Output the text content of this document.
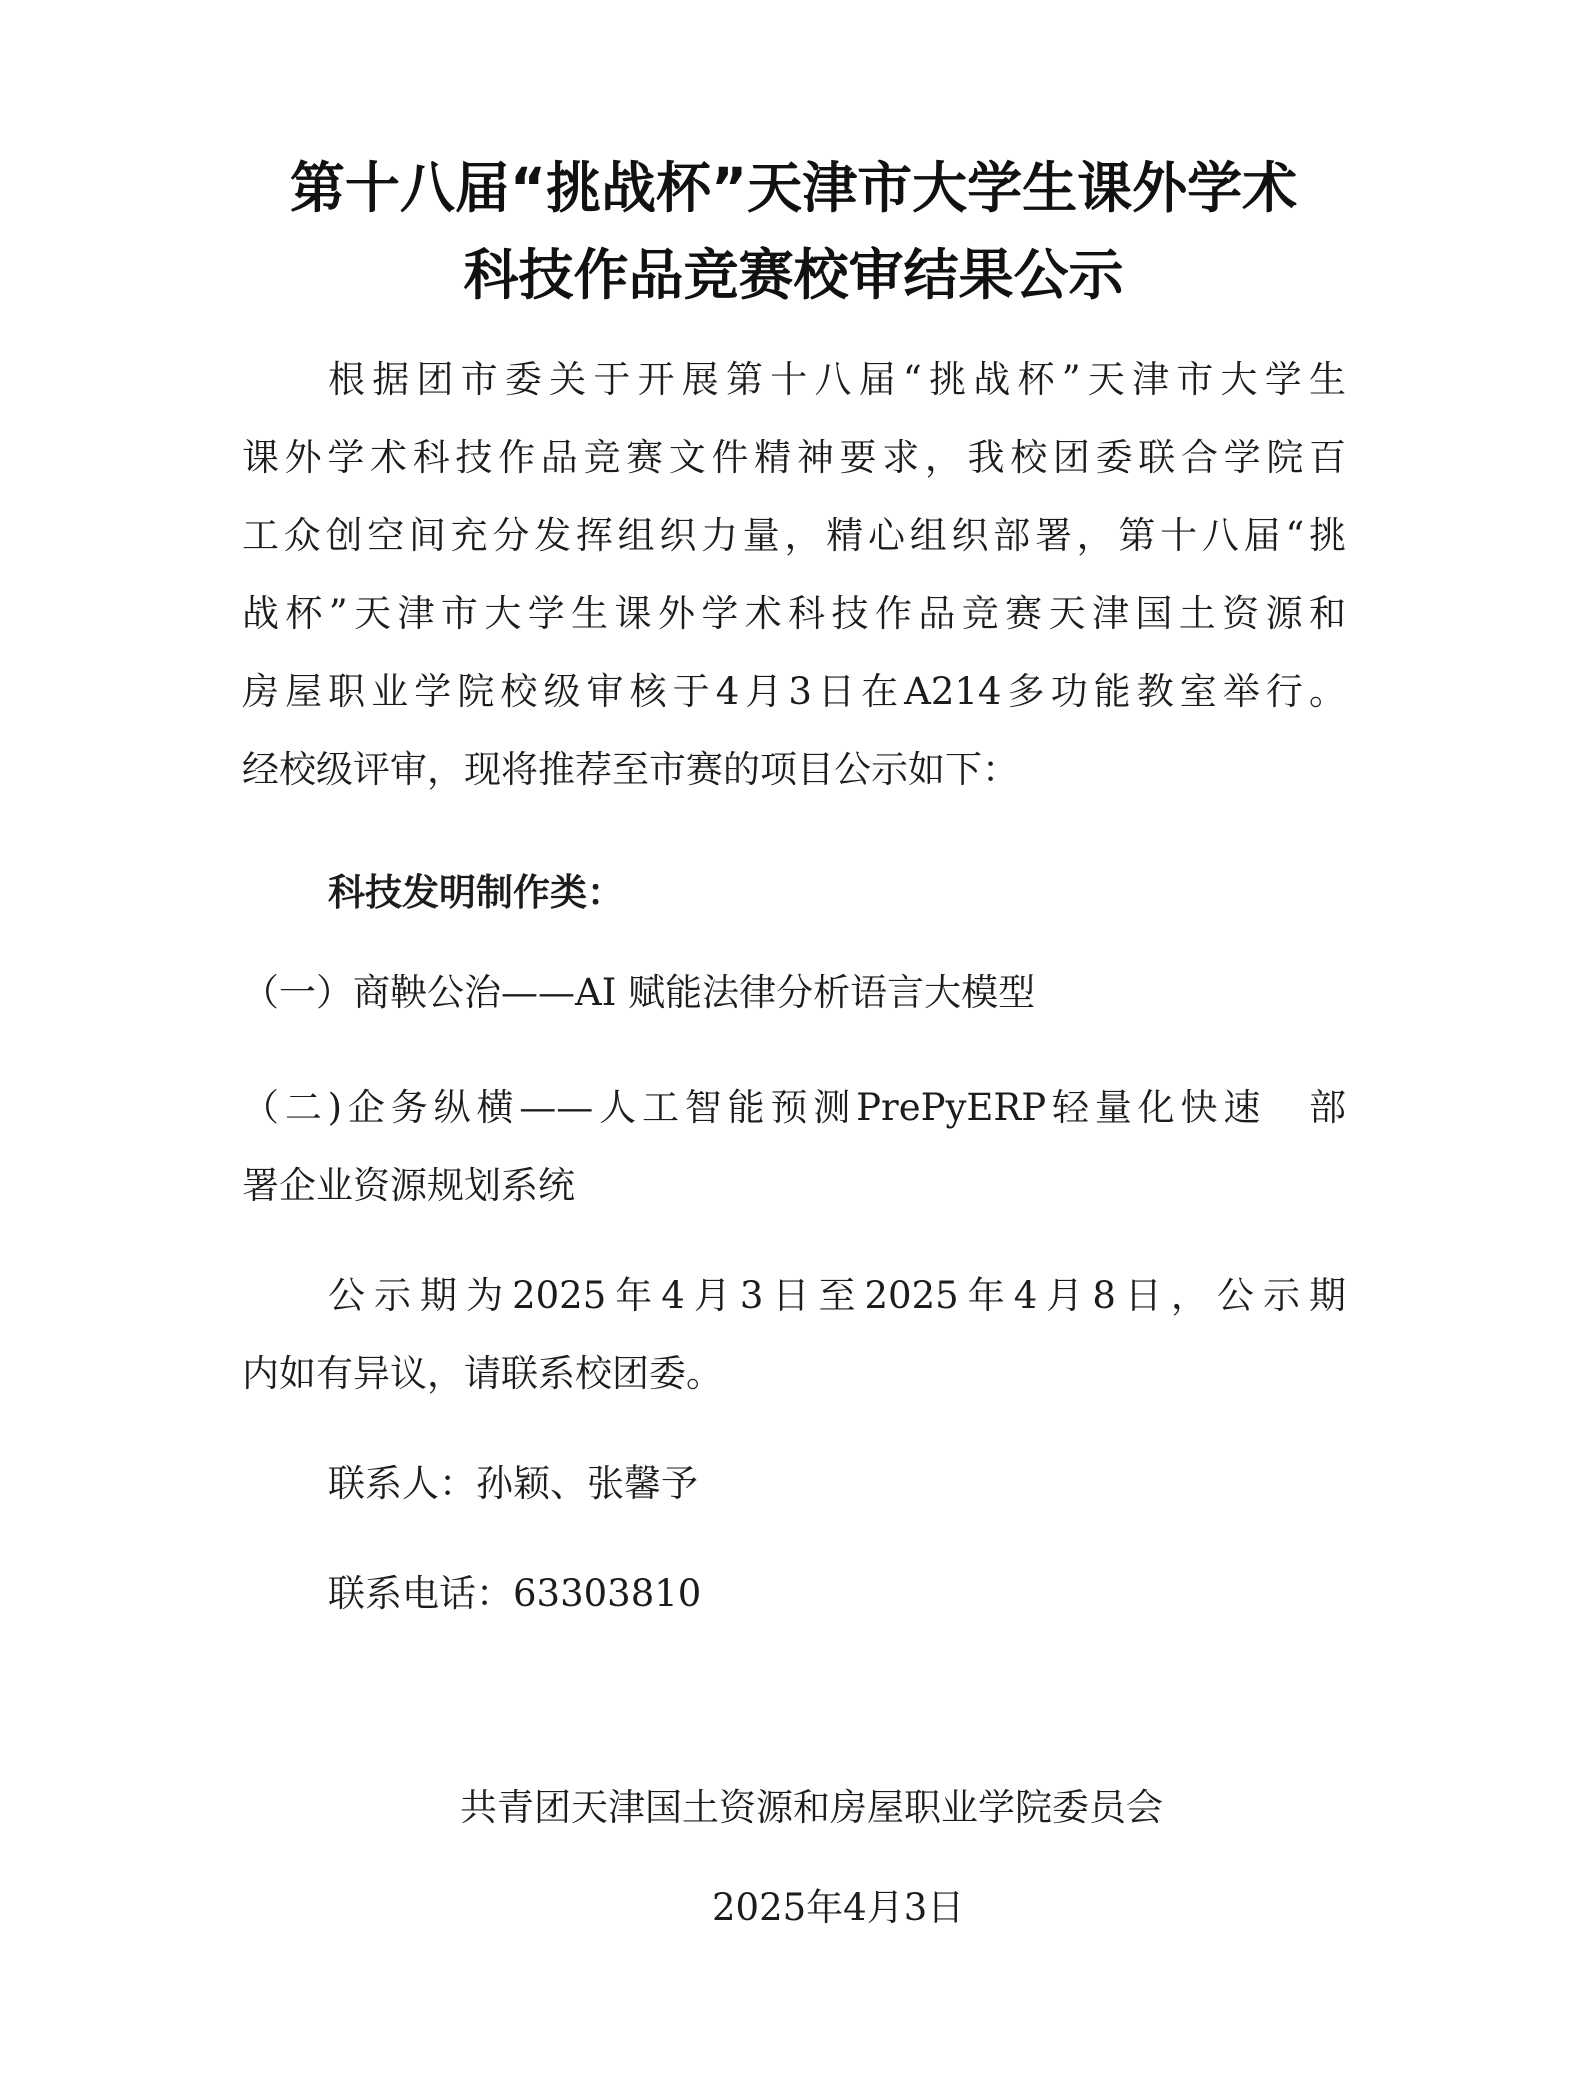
第十八届“挑战杯”天津市大学生课外学术
科技作品竞赛校审结果公示
根据团市委关于开展第十八届“挑战杯”天津市大学生
课外学术科技作品竞赛文件精神要求，我校团委联合学院百
工众创空间充分发挥组织力量，精心组织部署，第十八届“挑
战杯”天津市大学生课外学术科技作品竞赛天津国土资源和
房屋职业学院校级审核于4月3日在A214多功能教室举行。
经校级评审，现将推荐至市赛的项目公示如下：
科技发明制作类：
（一）商鞅公治——AI 赋能法律分析语言大模型
（二)企务纵横——人工智能预测PrePyERP轻量化快速　部
署企业资源规划系统
公示期为2025年4月3日至2025年4月8日，公示期
内如有异议，请联系校团委。
联系人：孙颖、张馨予
联系电话：63303810
共青团天津国土资源和房屋职业学院委员会
2025年4月3日
